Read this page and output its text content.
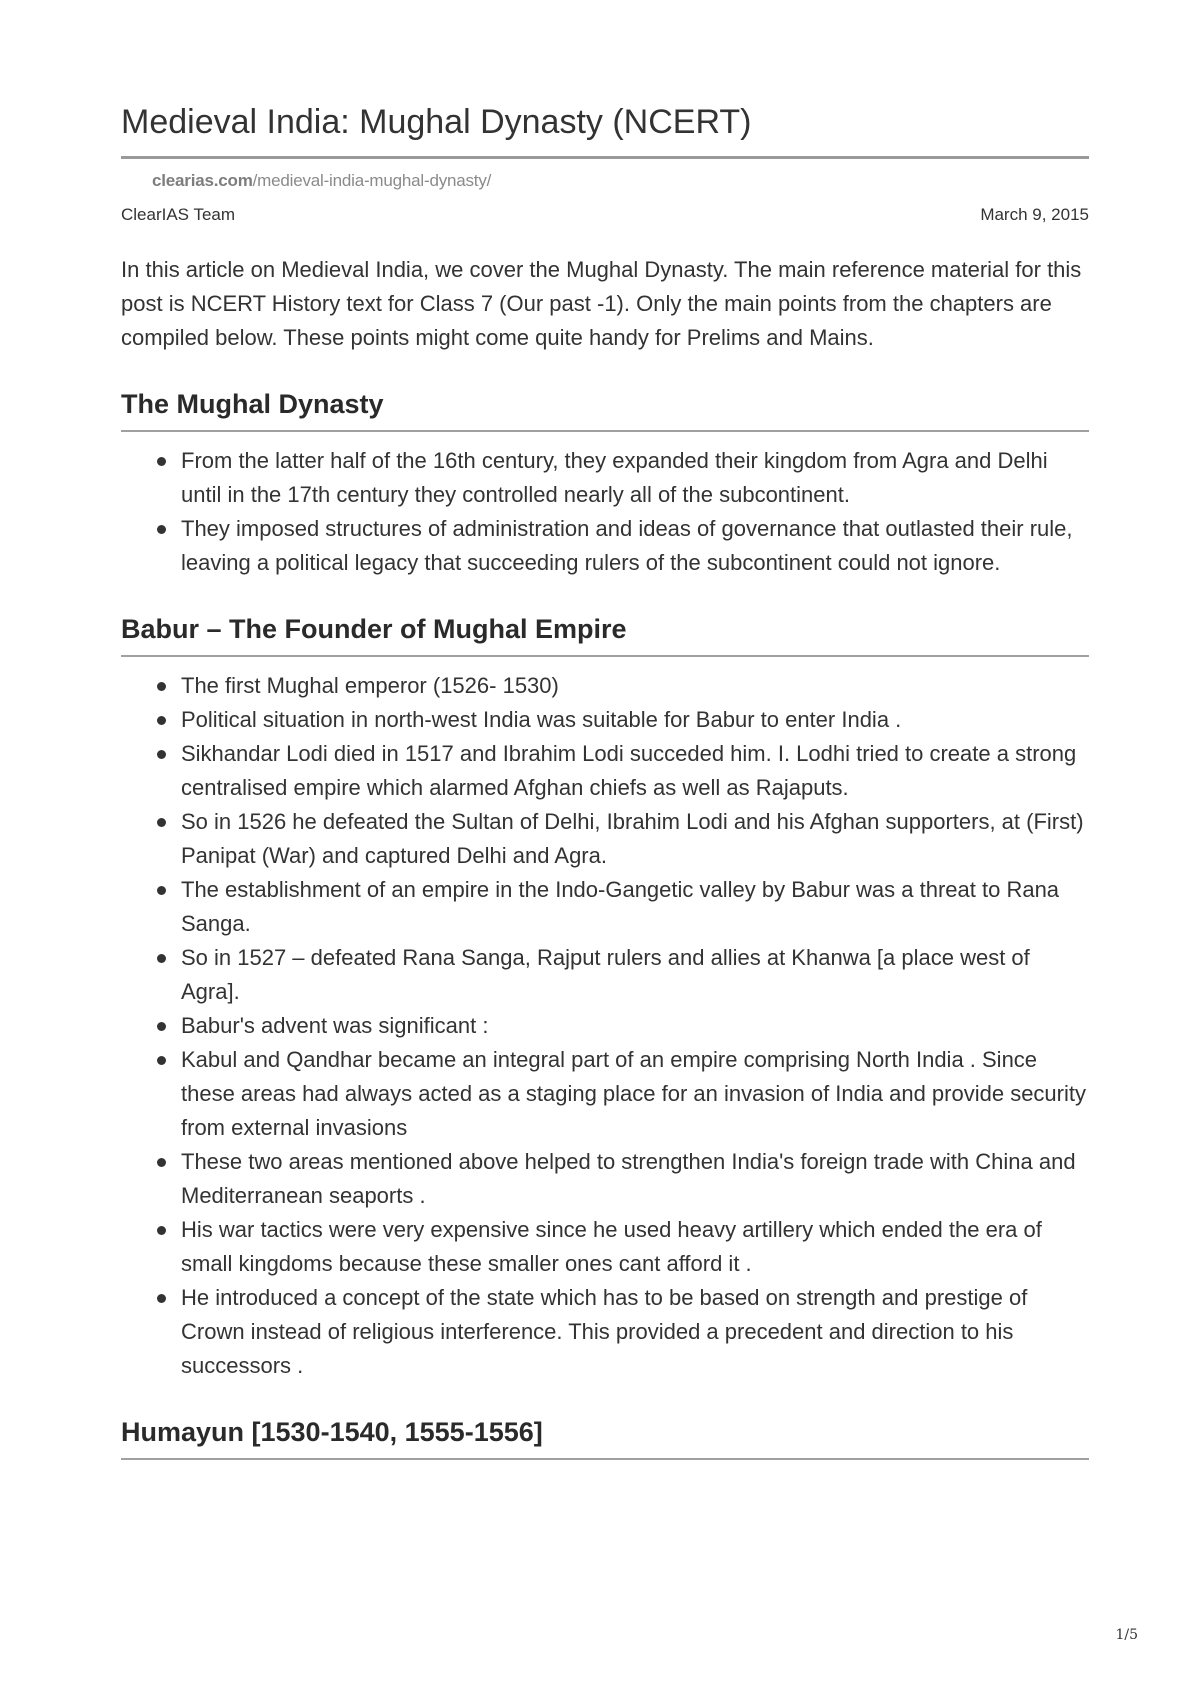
Medieval India: Mughal Dynasty (NCERT)
clearias.com/medieval-india-mughal-dynasty/
ClearIAS Team	March 9, 2015

In this article on Medieval India, we cover the Mughal Dynasty. The main reference material for this post is NCERT History text for Class 7 (Our past -1). Only the main points from the chapters are compiled below. These points might come quite handy for Prelims and Mains.

The Mughal Dynasty
From the latter half of the 16th century, they expanded their kingdom from Agra and Delhi until in the 17th century they controlled nearly all of the subcontinent.
They imposed structures of administration and ideas of governance that outlasted their rule, leaving a political legacy that succeeding rulers of the subcontinent could not ignore.
Babur – The Founder of Mughal Empire
The first Mughal emperor (1526- 1530)
Political situation in north-west India was suitable for Babur to enter India .
Sikhandar Lodi died in 1517 and Ibrahim Lodi succeded him. I. Lodhi tried to create a strong centralised empire which alarmed Afghan chiefs as well as Rajaputs.
So in 1526 he defeated the Sultan of Delhi, Ibrahim Lodi and his Afghan supporters, at (First) Panipat (War) and captured Delhi and Agra.
The establishment of an empire in the Indo-Gangetic valley by Babur was a threat to Rana Sanga.
So in 1527 – defeated Rana Sanga, Rajput rulers and allies at Khanwa [a place west of Agra].
Babur's advent was significant :
Kabul and Qandhar became an integral part of an empire comprising North India . Since these areas had always acted as a staging place for an invasion of India and provide security from external invasions
These two areas mentioned above helped to strengthen India's foreign trade with China and Mediterranean seaports .
His war tactics were very expensive since he used heavy artillery which ended the era of small kingdoms because these smaller ones cant afford it .
He introduced a concept of the state which has to be based on strength and prestige of Crown instead of religious interference. This provided a precedent and direction to his successors .
Humayun [1530-1540, 1555-1556]
1/5
